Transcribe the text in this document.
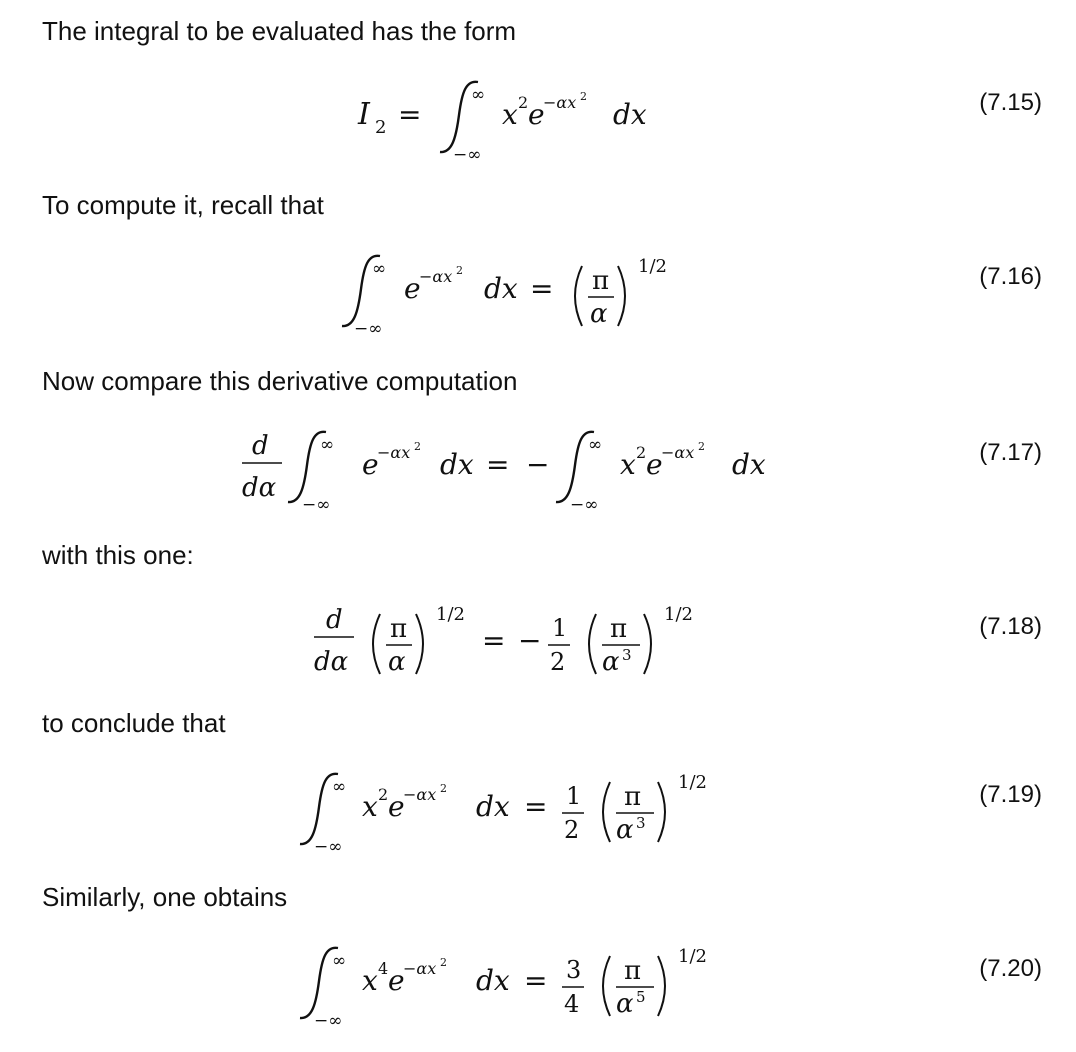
The integral to be evaluated has the form
To compute it, recall that
Now compare this derivative computation
with this one:
to conclude that
Similarly, one obtains
(7.15)
(7.16)
(7.17)
(7.18)
(7.19)
(7.20)
I 2 =
∞
−∞
x 2 e
−αx 2
dx
∞
−∞
e
−αx 2
dx = π
α
1/2
d
dα
∞
−∞
e
−αx 2
dx = −
∞
−∞
x 2 e
−αx 2
dx
d
dα
π
α
1/2
= − 1
2
π
α 3
1/2
∞
−∞
x 2 e
−αx 2
dx = 1
2
π
α 3
1/2
∞
−∞
x 4 e
−αx 2
dx = 3
4
π
α 5
1/2
